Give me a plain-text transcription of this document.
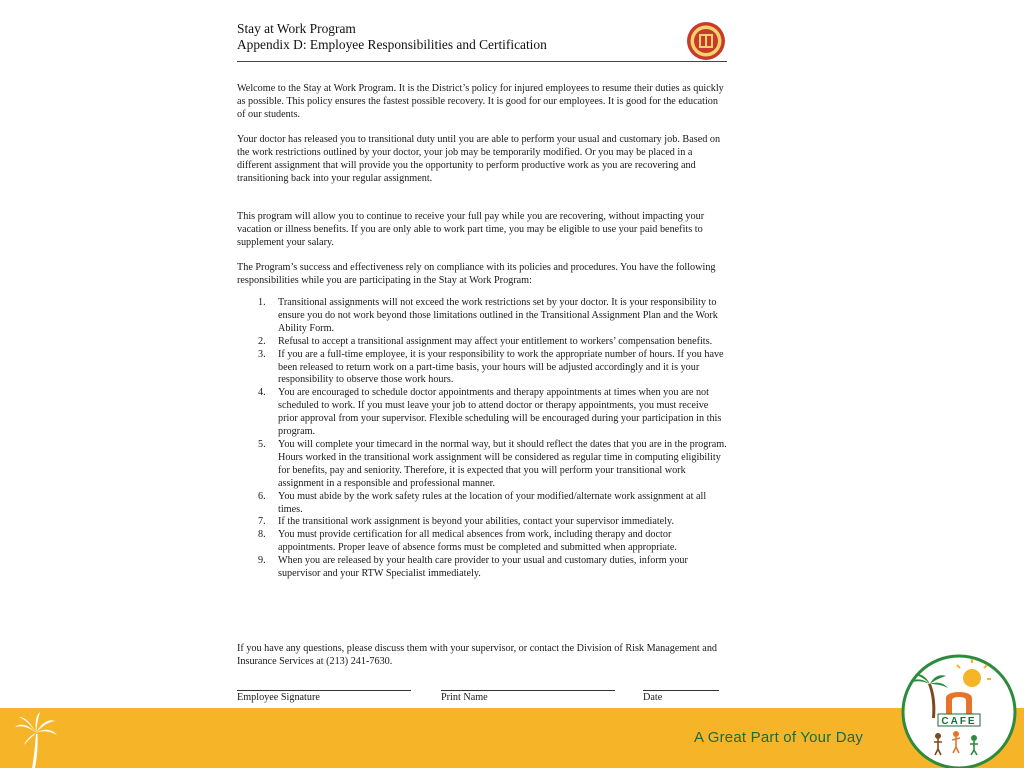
Stay at Work Program
Appendix D: Employee Responsibilities and Certification

Welcome to the Stay at Work Program. It is the District’s policy for injured employees to resume their duties as quickly as possible. This policy ensures the fastest possible recovery. It is good for our employees. It is good for the education of our students.

Your doctor has released you to transitional duty until you are able to perform your usual and customary job. Based on the work restrictions outlined by your doctor, your job may be temporarily modified. Or you may be placed in a different assignment that will provide you the opportunity to perform productive work as you are recovering and transitioning back into your regular assignment.

This program will allow you to continue to receive your full pay while you are recovering, without impacting your vacation or illness benefits. If you are only able to work part time, you may be eligible to use your paid benefits to supplement your salary.

The Program’s success and effectiveness rely on compliance with its policies and procedures. You have the following responsibilities while you are participating in the Stay at Work Program:

1. Transitional assignments will not exceed the work restrictions set by your doctor. It is your responsibility to ensure you do not work beyond those limitations outlined in the Transitional Assignment Plan and the Work Ability Form.
2. Refusal to accept a transitional assignment may affect your entitlement to workers’ compensation benefits.
3. If you are a full-time employee, it is your responsibility to work the appropriate number of hours. If you have been released to return work on a part-time basis, your hours will be adjusted accordingly and it is your responsibility to observe those work hours.
4. You are encouraged to schedule doctor appointments and therapy appointments at times when you are not scheduled to work. If you must leave your job to attend doctor or therapy appointments, you must receive prior approval from your supervisor. Flexible scheduling will be encouraged during your participation in this program.
5. You will complete your timecard in the normal way, but it should reflect the dates that you are in the program. Hours worked in the transitional work assignment will be considered as regular time in computing eligibility for benefits, pay and seniority. Therefore, it is expected that you will perform your transitional work assignment in a responsible and professional manner.
6. You must abide by the work safety rules at the location of your modified/alternate work assignment at all times.
7. If the transitional work assignment is beyond your abilities, contact your supervisor immediately.
8. You must provide certification for all medical absences from work, including therapy and doctor appointments. Proper leave of absence forms must be completed and submitted when appropriate.
9. When you are released by your health care provider to your usual and customary duties, inform your supervisor and your RTW Specialist immediately.

If you have any questions, please discuss them with your supervisor, or contact the Division of Risk Management and Insurance Services at (213) 241-7630.

Employee Signature	Print Name	Date
A Great Part of Your Day
CAFE
